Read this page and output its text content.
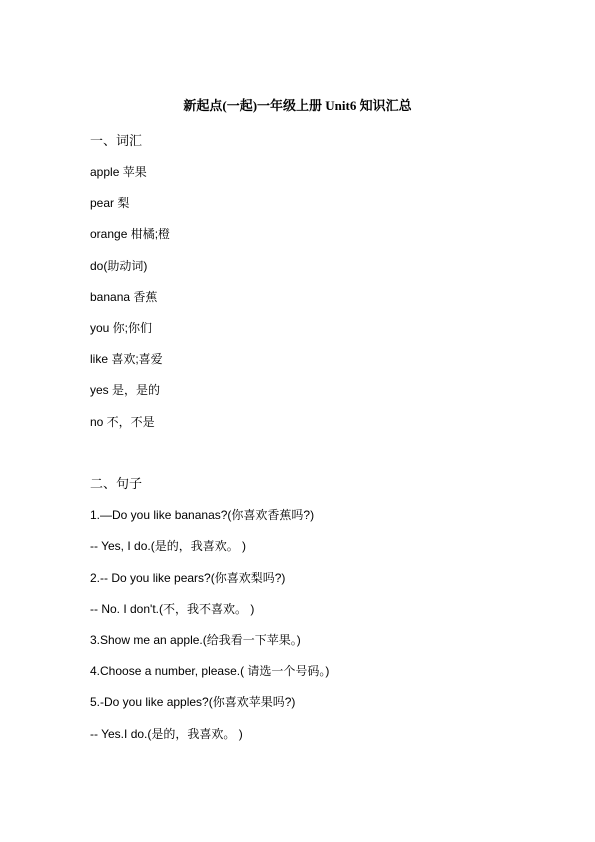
新起点(一起)一年级上册 Unit6 知识汇总
一、词汇
apple 苹果
pear 梨
orange 柑橘;橙
do(助动词)
banana 香蕉
you 你;你们
like 喜欢;喜爱
yes 是，是的
no 不，不是
二、句子
1.—Do you like bananas?(你喜欢香蕉吗?)
-- Yes, I do.(是的，我喜欢。 )
2.-- Do you like pears?(你喜欢梨吗?)
-- No. I don't.(不，我不喜欢。 )
3.Show me an apple.(给我看一下苹果。)
4.Choose a number, please.( 请选一个号码。)
5.-Do you like apples?(你喜欢苹果吗?)
-- Yes.I do.(是的，我喜欢。 )
